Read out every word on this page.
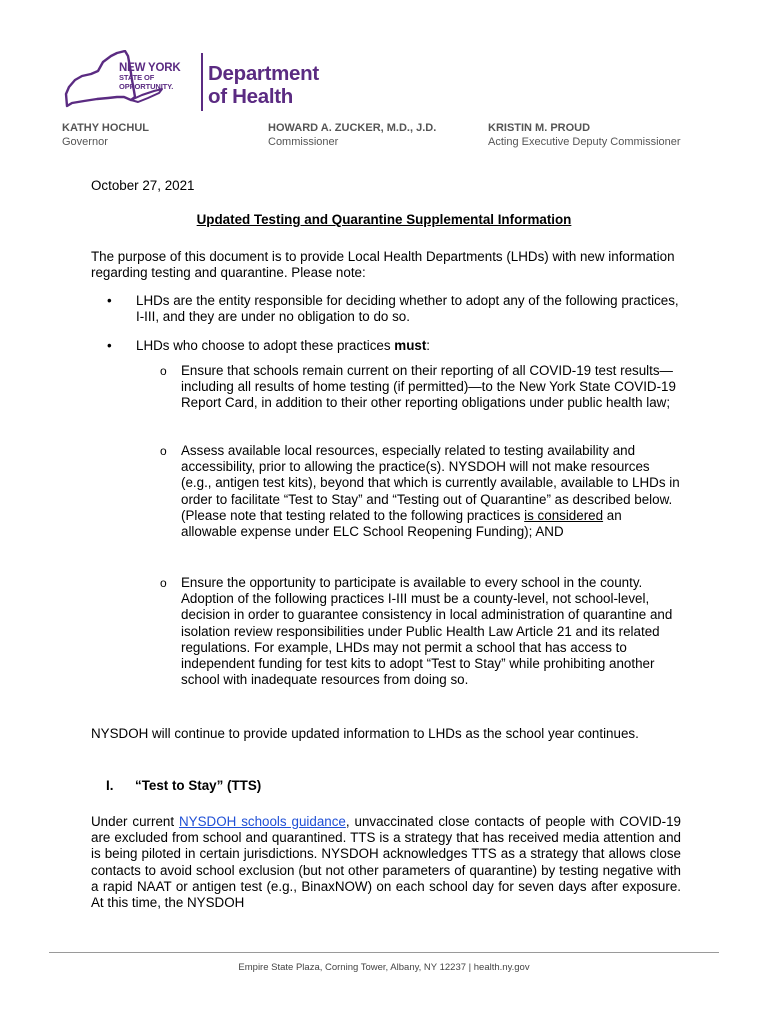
NEW YORK
STATE OF
OPPORTUNITY.
Department
of Health
KATHY HOCHUL
Governor
HOWARD A. ZUCKER, M.D., J.D.
Commissioner
KRISTIN M. PROUD
Acting Executive Deputy Commissioner
October 27, 2021
Updated Testing and Quarantine Supplemental Information
The purpose of this document is to provide Local Health Departments (LHDs) with new information regarding testing and quarantine. Please note:
• LHDs are the entity responsible for deciding whether to adopt any of the following practices, I-III, and they are under no obligation to do so.
• LHDs who choose to adopt these practices must:
o Ensure that schools remain current on their reporting of all COVID-19 test results—including all results of home testing (if permitted)—to the New York State COVID-19 Report Card, in addition to their other reporting obligations under public health law;
o Assess available local resources, especially related to testing availability and accessibility, prior to allowing the practice(s). NYSDOH will not make resources (e.g., antigen test kits), beyond that which is currently available, available to LHDs in order to facilitate “Test to Stay” and “Testing out of Quarantine” as described below. (Please note that testing related to the following practices is considered an allowable expense under ELC School Reopening Funding); AND
o Ensure the opportunity to participate is available to every school in the county. Adoption of the following practices I-III must be a county-level, not school-level, decision in order to guarantee consistency in local administration of quarantine and isolation review responsibilities under Public Health Law Article 21 and its related regulations. For example, LHDs may not permit a school that has access to independent funding for test kits to adopt “Test to Stay” while prohibiting another school with inadequate resources from doing so.
NYSDOH will continue to provide updated information to LHDs as the school year continues.
I. “Test to Stay” (TTS)
Under current NYSDOH schools guidance, unvaccinated close contacts of people with COVID-19 are excluded from school and quarantined. TTS is a strategy that has received media attention and is being piloted in certain jurisdictions. NYSDOH acknowledges TTS as a strategy that allows close contacts to avoid school exclusion (but not other parameters of quarantine) by testing negative with a rapid NAAT or antigen test (e.g., BinaxNOW) on each school day for seven days after exposure. At this time, the NYSDOH
Empire State Plaza, Corning Tower, Albany, NY 12237 | health.ny.gov
